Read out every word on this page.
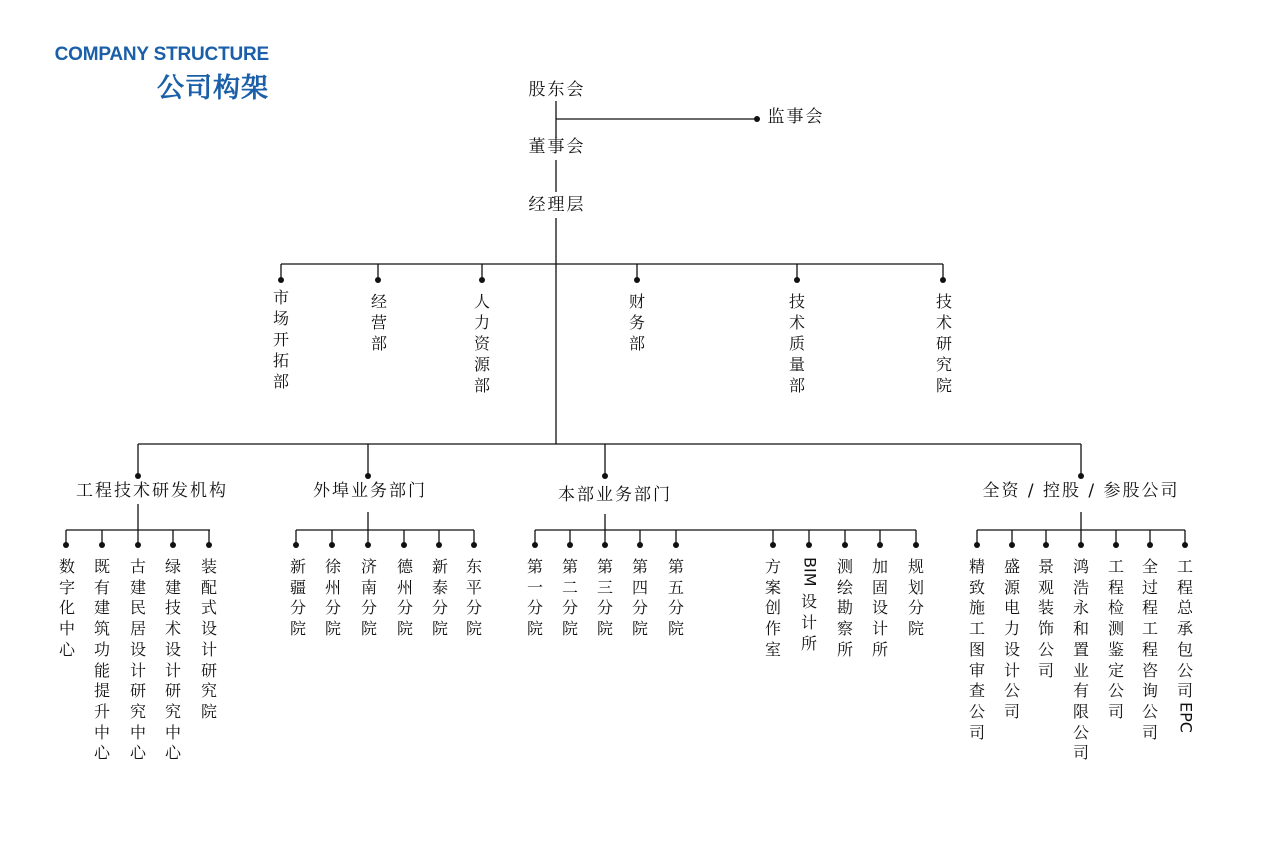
COMPANY STRUCTURE
公司构架	股东会
监事会
董事会
经理层
市场开拓部
经营部
人力资源部
财务部
技术质量部
技术研究院
工程技术研发机构	外埠业务部门	本部业务部门	全资 / 控股 / 参股公司
数字化中心
既有建筑功能提升中心
古建民居设计研究中心
绿建技术设计研究中心
装配式设计研究院
新疆分院
徐州分院
济南分院
德州分院
新泰分院
东平分院
第一分院
第二分院
第三分院
第四分院
第五分院
方案创作室
BIM设计所
测绘勘察所
加固设计所
规划分院
精致施工图审查公司
盛源电力设计公司
景观装饰公司
鸿浩永和置业有限公司
工程检测鉴定公司
全过程工程咨询公司
工程总承包公司EPC
